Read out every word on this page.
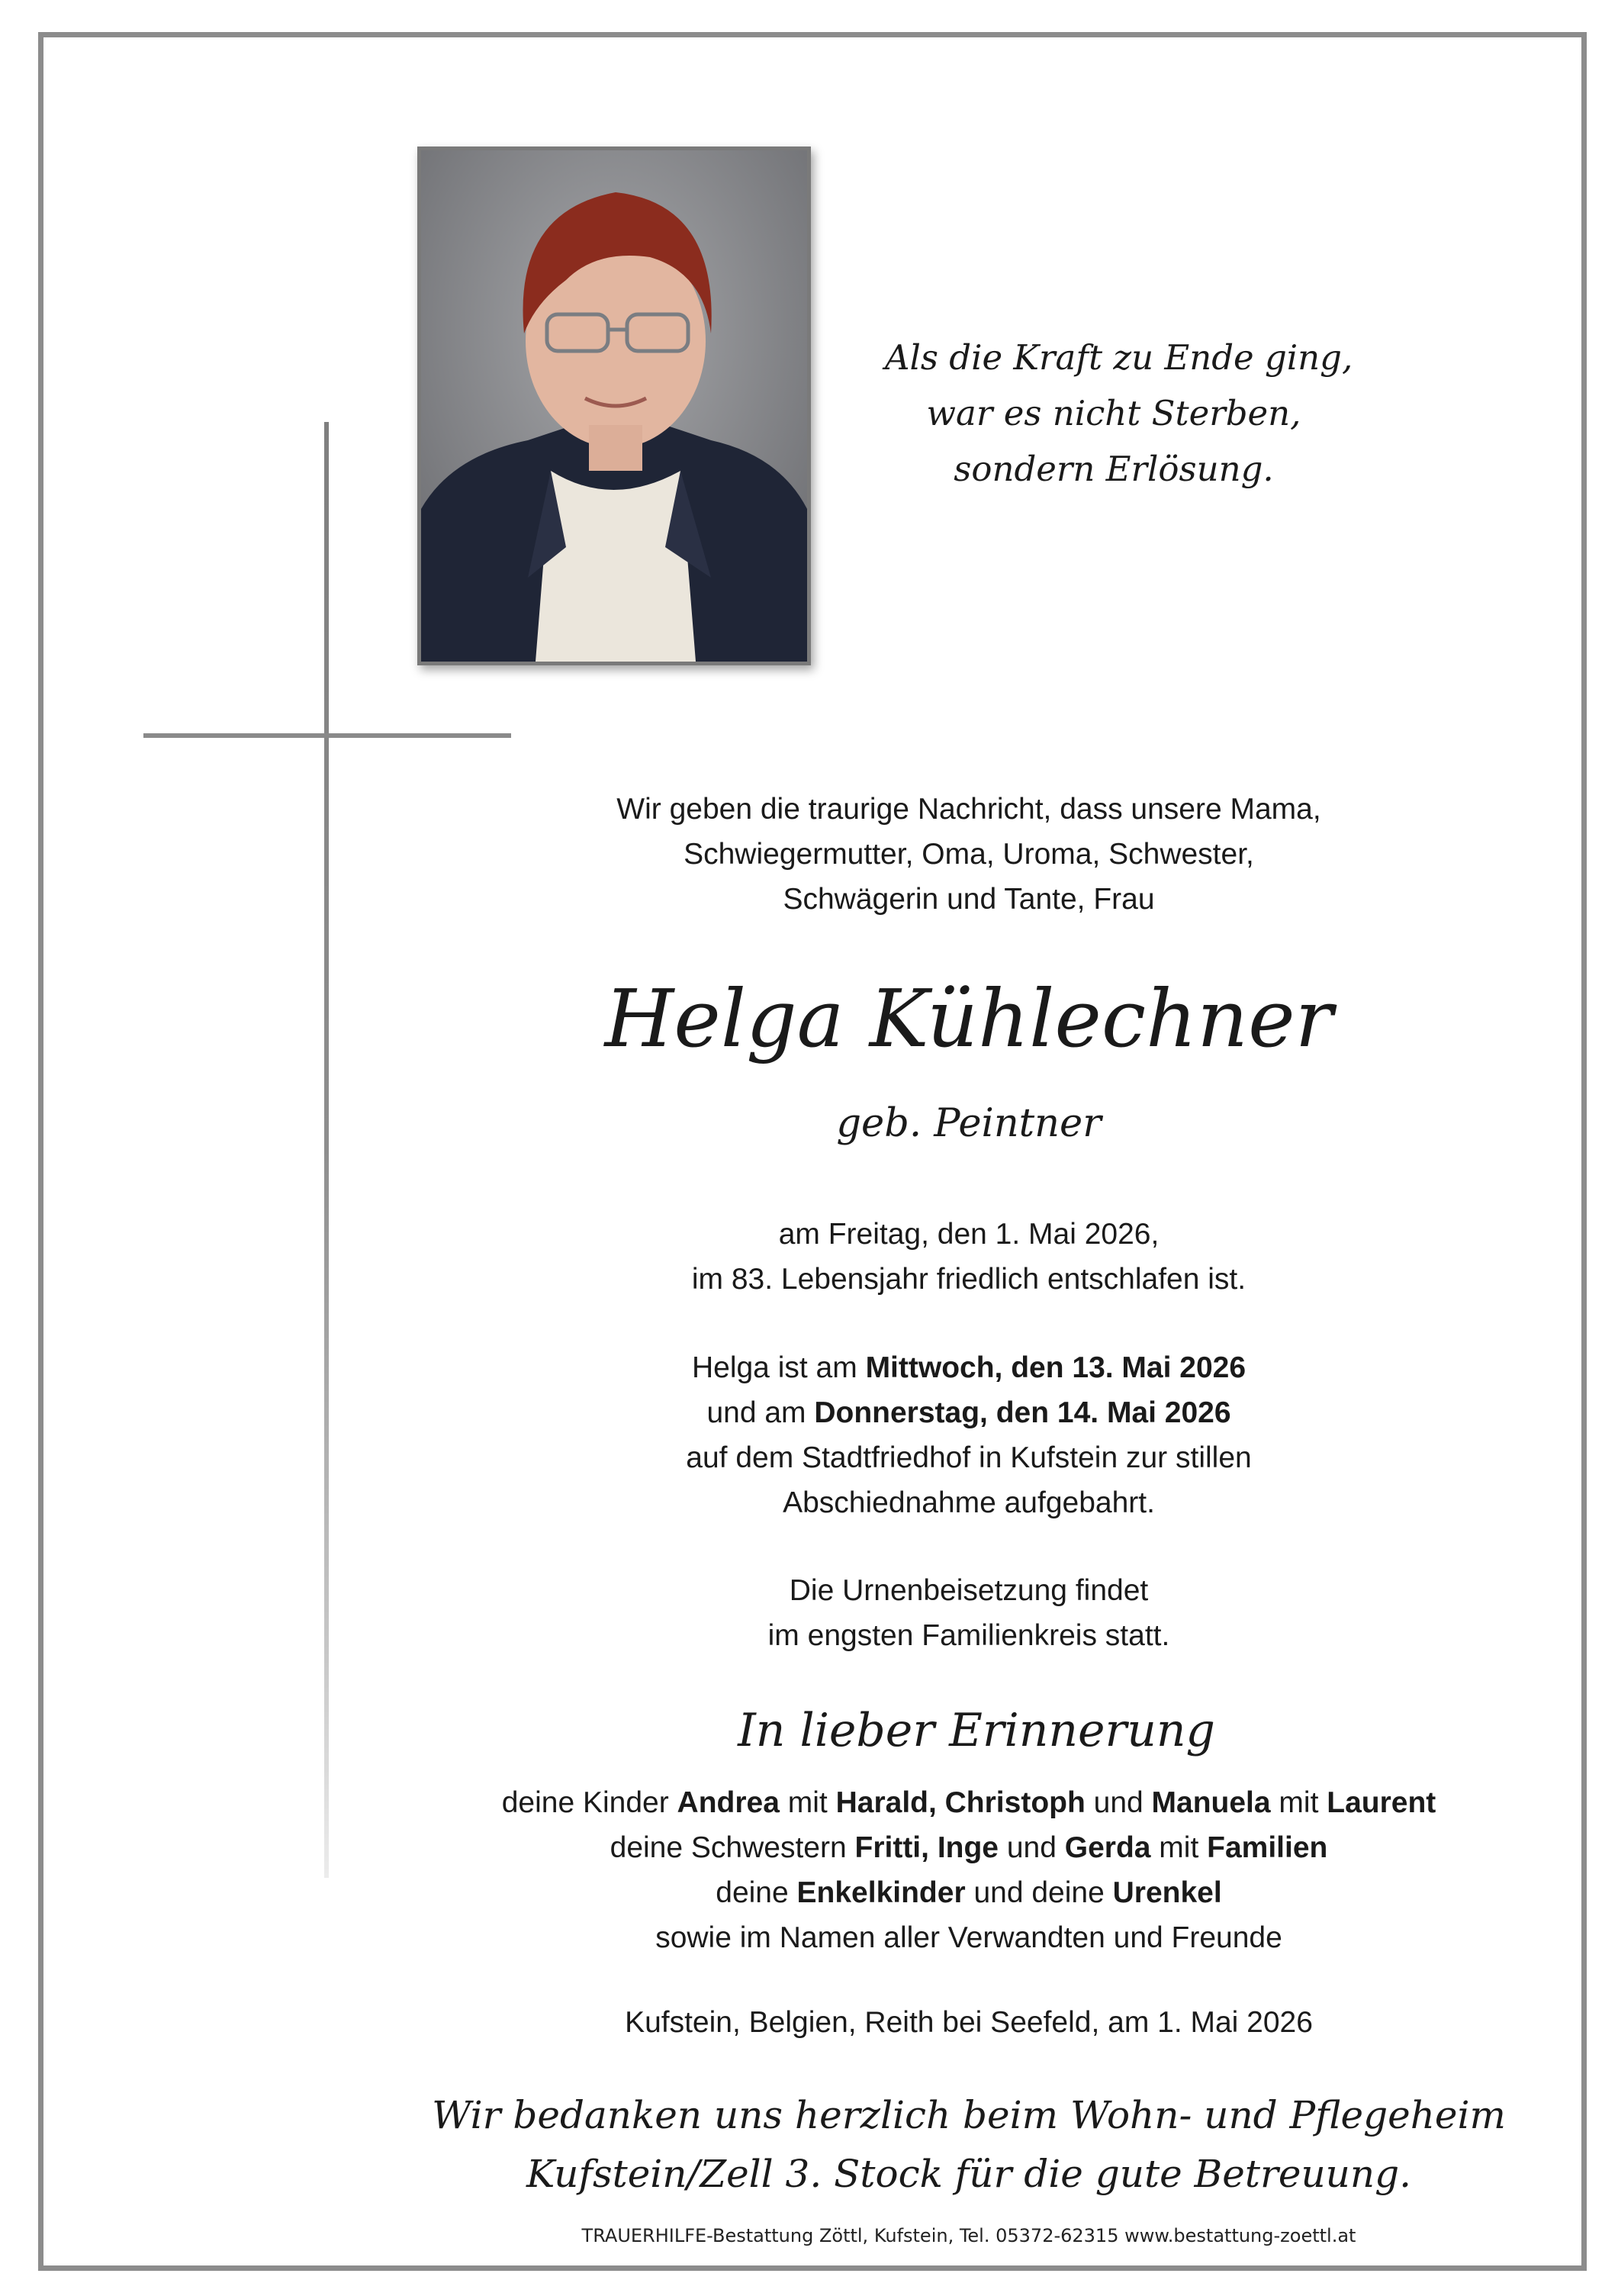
Als die Kraft zu Ende ging,
war es nicht Sterben,
sondern Erlösung.
Wir geben die traurige Nachricht, dass unsere Mama,
Schwiegermutter, Oma, Uroma, Schwester,
Schwägerin und Tante, Frau
Helga Kühlechner
geb. Peintner
am Freitag, den 1. Mai 2026,
im 83. Lebensjahr friedlich entschlafen ist.
Helga ist am Mittwoch, den 13. Mai 2026
und am Donnerstag, den 14. Mai 2026
auf dem Stadtfriedhof in Kufstein zur stillen
Abschiednahme aufgebahrt.
Die Urnenbeisetzung findet
im engsten Familienkreis statt.
In lieber Erinnerung
deine Kinder Andrea mit Harald, Christoph und Manuela mit Laurent
deine Schwestern Fritti, Inge und Gerda mit Familien
deine Enkelkinder und deine Urenkel
sowie im Namen aller Verwandten und Freunde
Kufstein, Belgien, Reith bei Seefeld, am 1. Mai 2026
Wir bedanken uns herzlich beim Wohn- und Pflegeheim
Kufstein/Zell 3. Stock für die gute Betreuung.
TRAUERHILFE-Bestattung Zöttl, Kufstein, Tel. 05372-62315 www.bestattung-zoettl.at
